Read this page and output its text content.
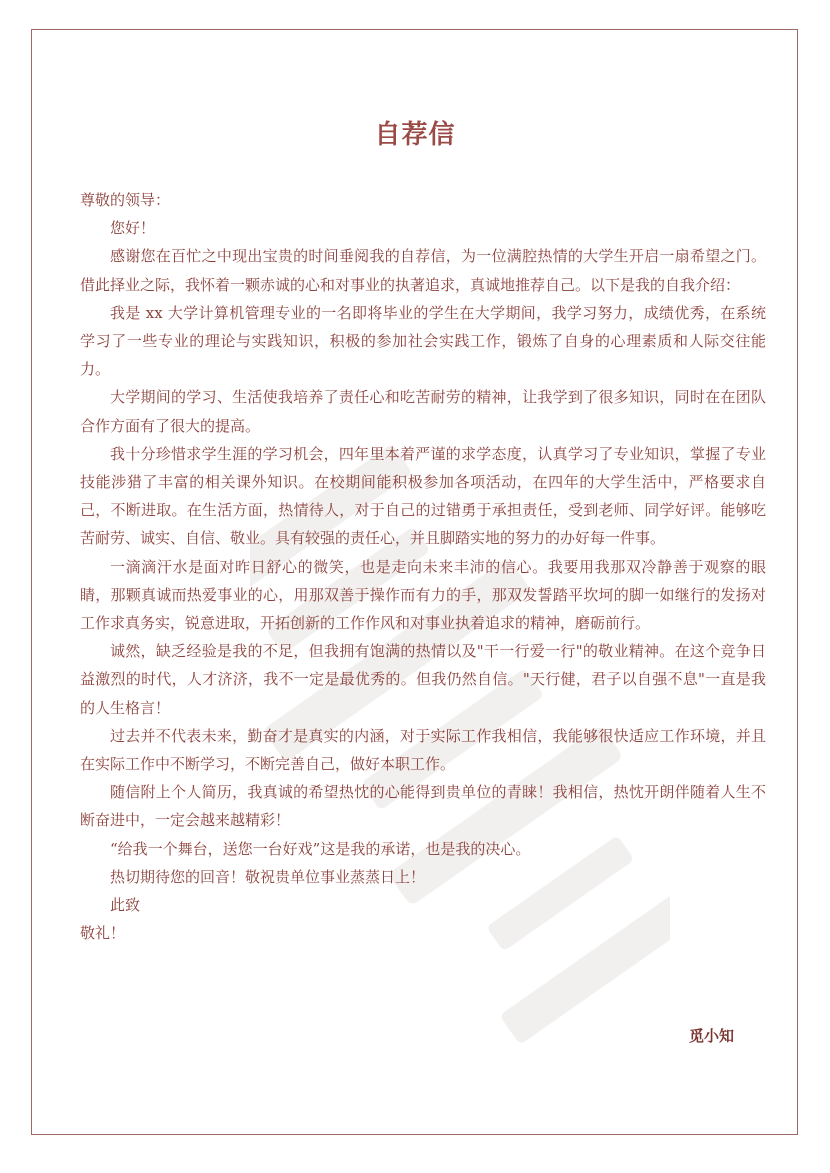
自荐信

尊敬的领导：

您好！

感谢您在百忙之中现出宝贵的时间垂阅我的自荐信，为一位满腔热情的大学生开启一扇希望之门。借此择业之际，我怀着一颗赤诚的心和对事业的执著追求，真诚地推荐自己。以下是我的自我介绍：

我是 xx 大学计算机管理专业的一名即将毕业的学生在大学期间，我学习努力，成绩优秀，在系统学习了一些专业的理论与实践知识，积极的参加社会实践工作，锻炼了自身的心理素质和人际交往能力。

大学期间的学习、生活使我培养了责任心和吃苦耐劳的精神，让我学到了很多知识，同时在在团队合作方面有了很大的提高。

我十分珍惜求学生涯的学习机会，四年里本着严谨的求学态度，认真学习了专业知识，掌握了专业技能涉猎了丰富的相关课外知识。在校期间能积极参加各项活动，在四年的大学生活中，严格要求自己，不断进取。在生活方面，热情待人，对于自己的过错勇于承担责任，受到老师、同学好评。能够吃苦耐劳、诚实、自信、敬业。具有较强的责任心，并且脚踏实地的努力的办好每一件事。

一滴滴汗水是面对昨日舒心的微笑，也是走向未来丰沛的信心。我要用我那双冷静善于观察的眼睛，那颗真诚而热爱事业的心，用那双善于操作而有力的手，那双发誓踏平坎坷的脚一如继行的发扬对工作求真务实，锐意进取，开拓创新的工作作风和对事业执着追求的精神，磨砺前行。

诚然，缺乏经验是我的不足，但我拥有饱满的热情以及"干一行爱一行"的敬业精神。在这个竞争日益激烈的时代，人才济济，我不一定是最优秀的。但我仍然自信。"天行健，君子以自强不息"一直是我的人生格言！

过去并不代表未来，勤奋才是真实的内涵，对于实际工作我相信，我能够很快适应工作环境，并且在实际工作中不断学习，不断完善自己，做好本职工作。

随信附上个人简历，我真诚的希望热忱的心能得到贵单位的青睐！我相信，热忱开朗伴随着人生不断奋进中，一定会越来越精彩！

“给我一个舞台，送您一台好戏”这是我的承诺，也是我的决心。

热切期待您的回音！敬祝贵单位事业蒸蒸日上！

此致

敬礼！

觅小知
